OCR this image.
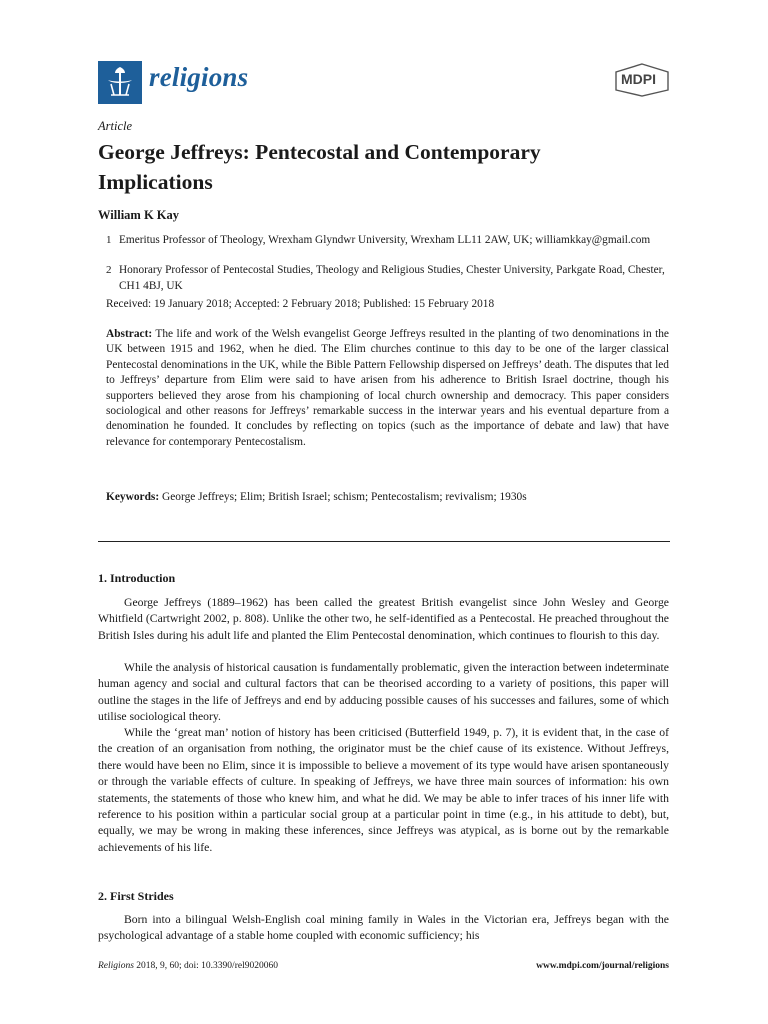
religions	MDPI
Article
George Jeffreys: Pentecostal and Contemporary Implications
William K Kay
1 Emeritus Professor of Theology, Wrexham Glyndwr University, Wrexham LL11 2AW, UK; williamkkay@gmail.com
2 Honorary Professor of Pentecostal Studies, Theology and Religious Studies, Chester University, Parkgate Road, Chester, CH1 4BJ, UK
Received: 19 January 2018; Accepted: 2 February 2018; Published: 15 February 2018
Abstract: The life and work of the Welsh evangelist George Jeffreys resulted in the planting of two denominations in the UK between 1915 and 1962, when he died. The Elim churches continue to this day to be one of the larger classical Pentecostal denominations in the UK, while the Bible Pattern Fellowship dispersed on Jeffreys’ death. The disputes that led to Jeffreys’ departure from Elim were said to have arisen from his adherence to British Israel doctrine, though his supporters believed they arose from his championing of local church ownership and democracy. This paper considers sociological and other reasons for Jeffreys’ remarkable success in the interwar years and his eventual departure from a denomination he founded. It concludes by reflecting on topics (such as the importance of debate and law) that have relevance for contemporary Pentecostalism.
Keywords: George Jeffreys; Elim; British Israel; schism; Pentecostalism; revivalism; 1930s
1. Introduction
George Jeffreys (1889–1962) has been called the greatest British evangelist since John Wesley and George Whitfield (Cartwright 2002, p. 808). Unlike the other two, he self-identified as a Pentecostal. He preached throughout the British Isles during his adult life and planted the Elim Pentecostal denomination, which continues to flourish to this day.
While the analysis of historical causation is fundamentally problematic, given the interaction between indeterminate human agency and social and cultural factors that can be theorised according to a variety of positions, this paper will outline the stages in the life of Jeffreys and end by adducing possible causes of his successes and failures, some of which utilise sociological theory.
While the ‘great man’ notion of history has been criticised (Butterfield 1949, p. 7), it is evident that, in the case of the creation of an organisation from nothing, the originator must be the chief cause of its existence. Without Jeffreys, there would have been no Elim, since it is impossible to believe a movement of its type would have arisen spontaneously or through the variable effects of culture. In speaking of Jeffreys, we have three main sources of information: his own statements, the statements of those who knew him, and what he did. We may be able to infer traces of his inner life with reference to his position within a particular social group at a particular point in time (e.g., in his attitude to debt), but, equally, we may be wrong in making these inferences, since Jeffreys was atypical, as is borne out by the remarkable achievements of his life.
2. First Strides
Born into a bilingual Welsh-English coal mining family in Wales in the Victorian era, Jeffreys began with the psychological advantage of a stable home coupled with economic sufficiency; his
Religions 2018, 9, 60; doi: 10.3390/rel9020060	www.mdpi.com/journal/religions
